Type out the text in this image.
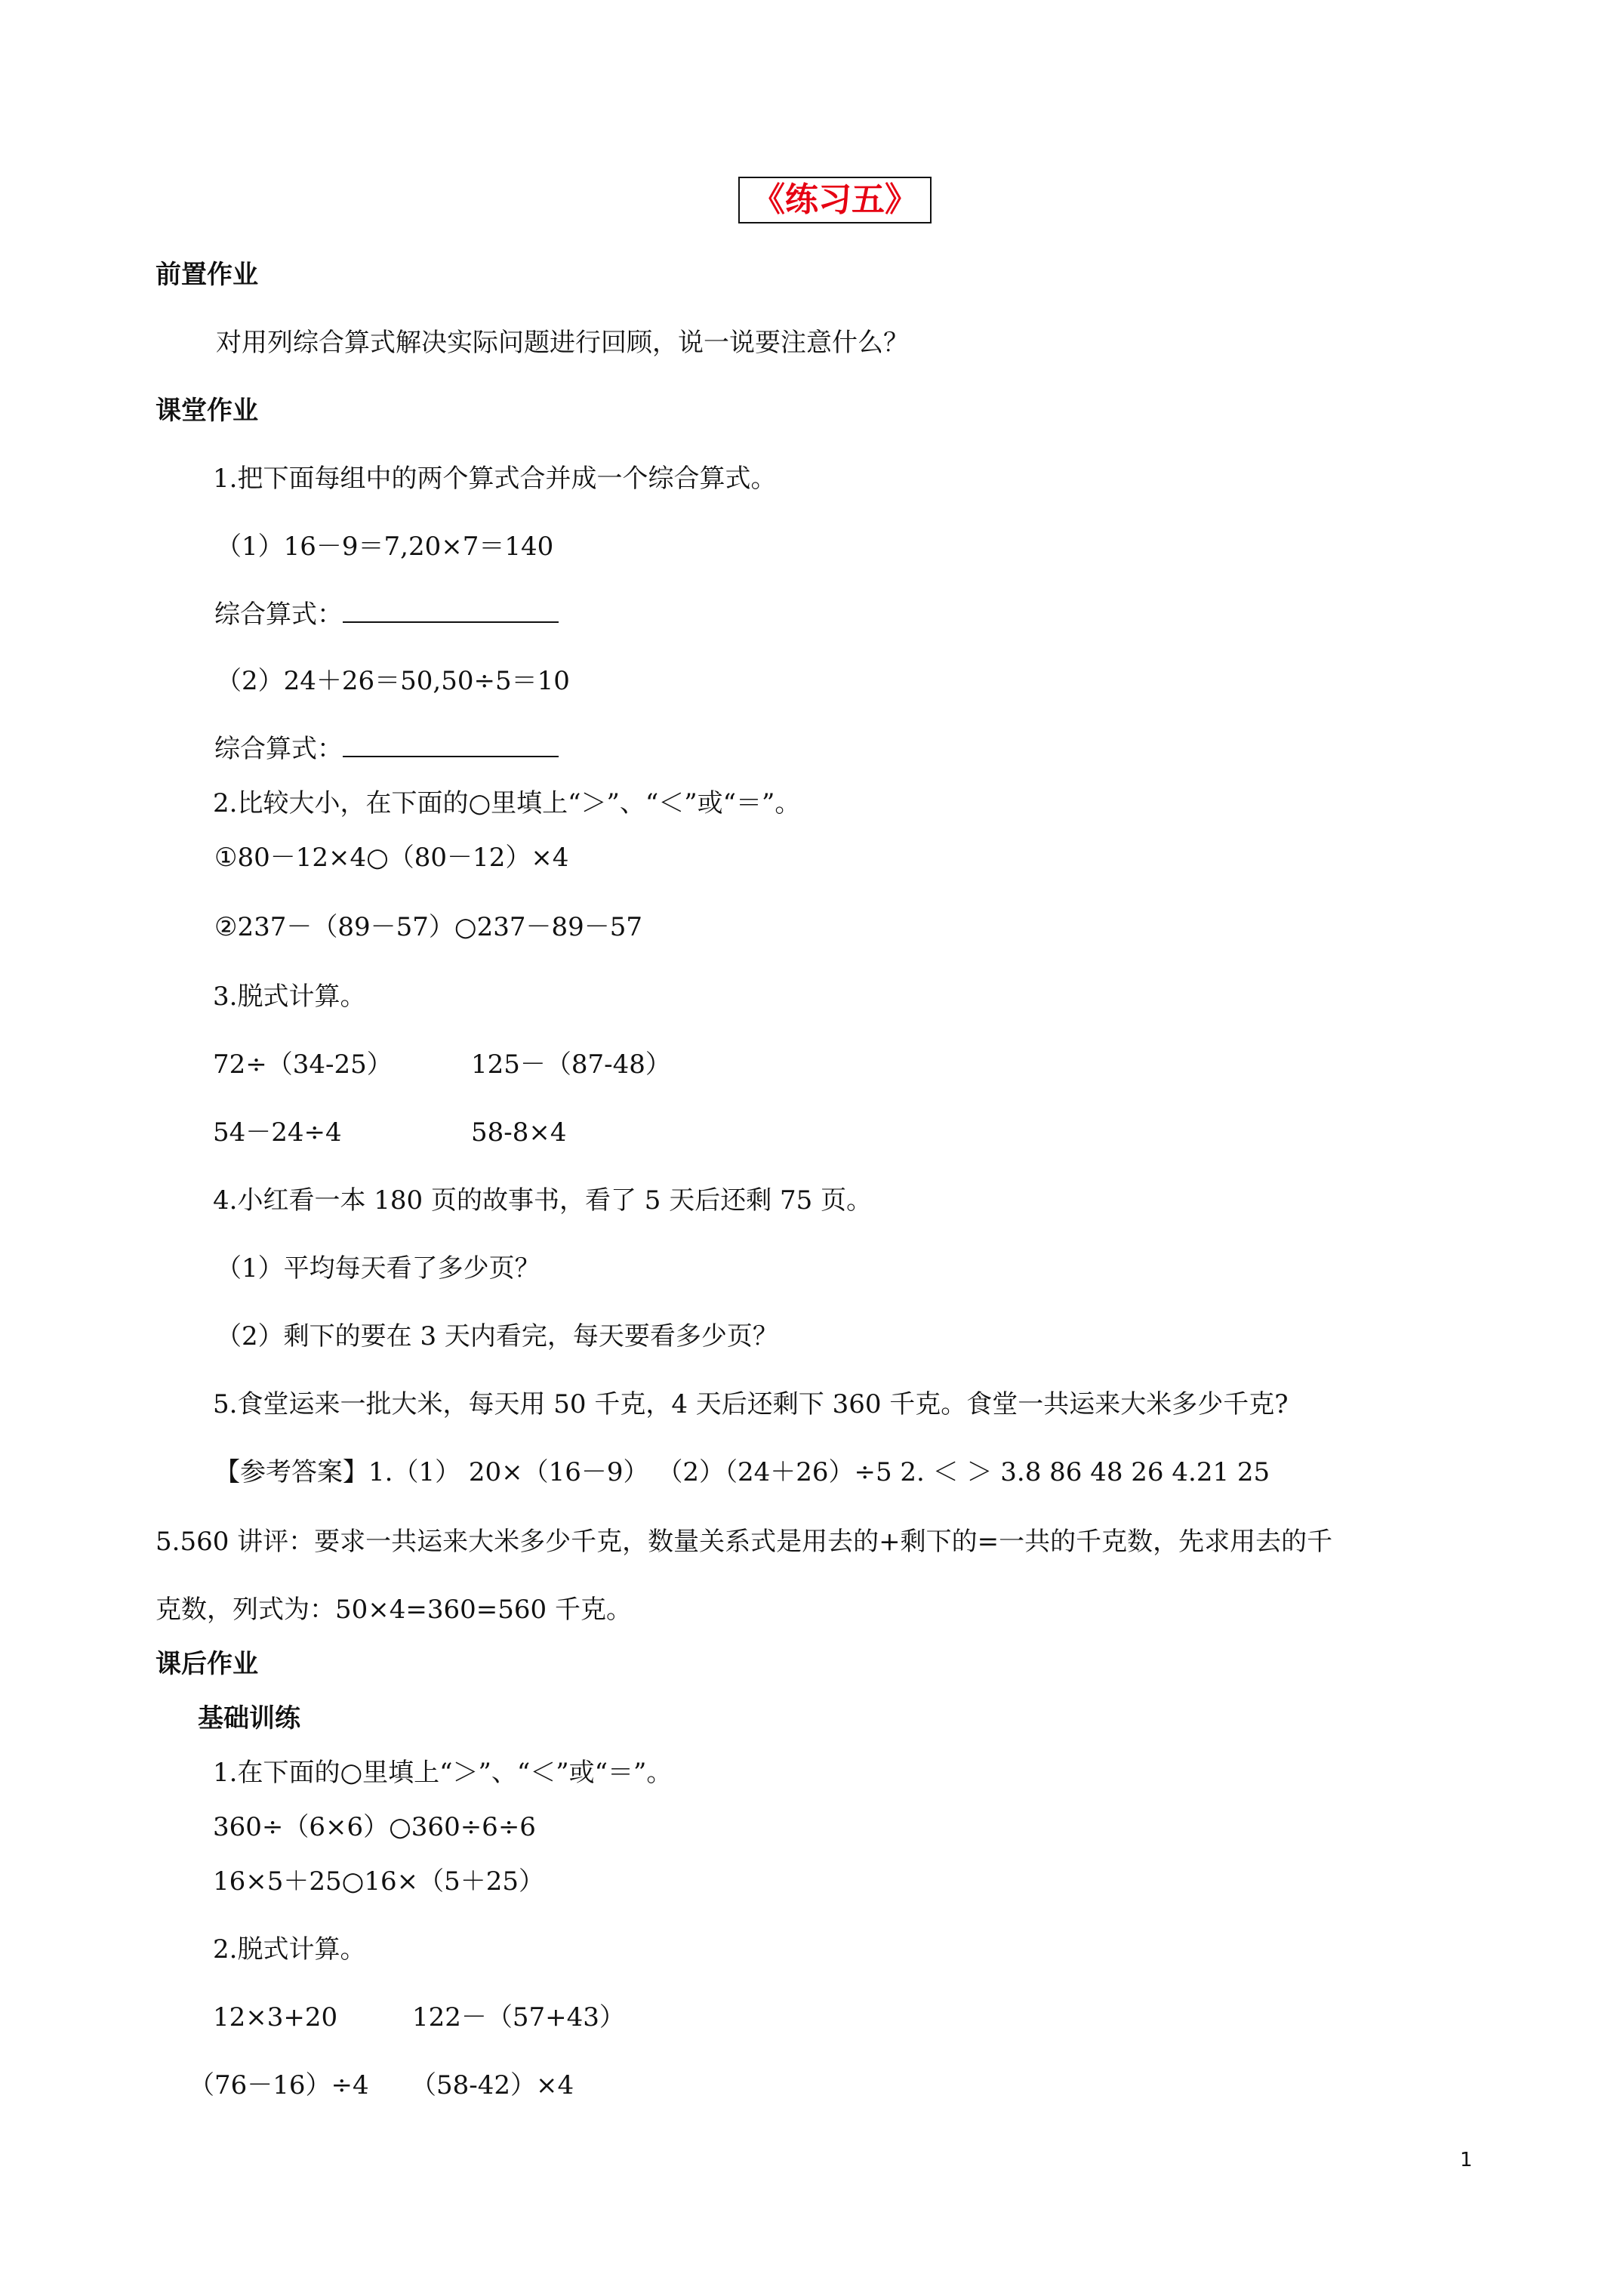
《练习五》
前置作业
对用列综合算式解决实际问题进行回顾，说一说要注意什么？
课堂作业
1.把下面每组中的两个算式合并成一个综合算式。
（1）16－9＝7,20×7＝140
综合算式：
（2）24＋26＝50,50÷5＝10
综合算式：
2.比较大小，在下面的○里填上“＞”、“＜”或“＝”。
①80－12×4○（80－12）×4
②237－（89－57）○237－89－57
3.脱式计算。
72÷（34-25）	125－（87-48）
54－24÷4	58-8×4
4.小红看一本 180 页的故事书，看了 5 天后还剩 75 页。
（1）平均每天看了多少页？
（2）剩下的要在 3 天内看完，每天要看多少页？
5.食堂运来一批大米，每天用 50 千克，4 天后还剩下 360 千克。食堂一共运来大米多少千克?
【参考答案】1.（1） 20×（16－9） （2）（24＋26）÷5 2. ＜ ＞ 3.8 86 48 26 4.21 25
5.560 讲评：要求一共运来大米多少千克，数量关系式是用去的+剩下的=一共的千克数，先求用去的千
克数，列式为：50×4=360=560 千克。
课后作业
基础训练
1.在下面的○里填上“＞”、“＜”或“＝”。
360÷（6×6）○360÷6÷6
16×5＋25○16×（5＋25）
2.脱式计算。
12×3+20	122－（57+43）
（76－16）÷4 （58-42）×4
1
